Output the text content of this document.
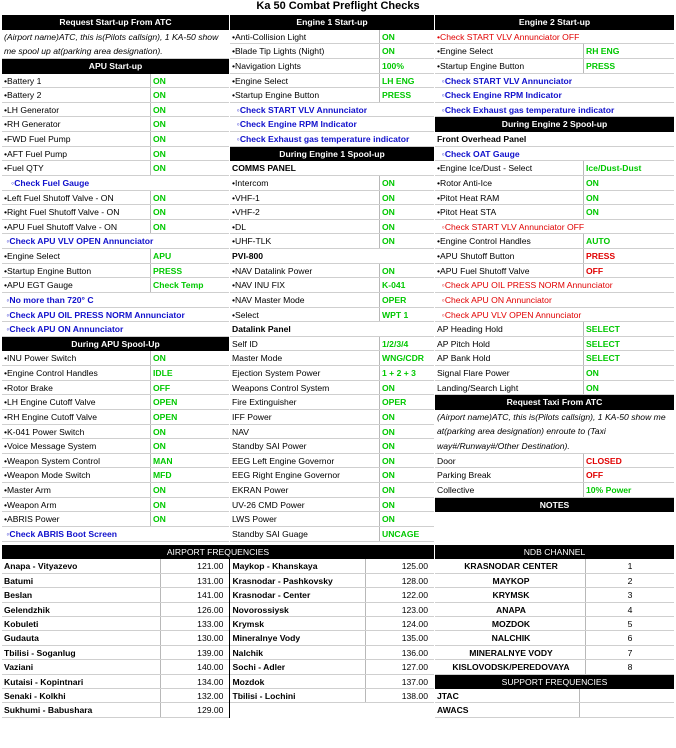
Ka 50 Combat Preflight Checks
Request Start-up From ATC
(Airport name)ATC, this is(Pilots callsign), 1 KA-50 show me spool up at(parking area designation).
APU Start-up
•Battery 1	ON
•Battery 2	ON
•LH Generator	ON
•RH Generator	ON
•FWD Fuel Pump	ON
•AFT Fuel Pump	ON
•Fuel QTY	ON
◦Check Fuel Gauge
•Left Fuel Shutoff Valve - ON	ON
•Right Fuel Shutoff Valve - ON	ON
•APU Fuel Shutoff Valve - ON	ON
◦Check APU VLV OPEN Annunciator
•Engine Select	APU
•Startup Engine Button	PRESS
•APU EGT Gauge	Check Temp
◦No more than 720° C
◦Check APU OIL PRESS NORM Annunciator
◦Check APU ON Annunciator
During APU Spool-Up
•INU Power Switch	ON
•Engine Control Handles	IDLE
•Rotor Brake	OFF
•LH Engine Cutoff Valve	OPEN
•RH Engine Cutoff Valve	OPEN
•K-041 Power Switch	ON
•Voice Message System	ON
•Weapon System Control	MAN
•Weapon Mode Switch	MFD
•Master Arm	ON
•Weapon Arm	ON
•ABRIS Power	ON
◦Check ABRIS Boot Screen
Engine 1 Start-up
•Anti-Collision Light	ON
•Blade Tip Lights (Night)	ON
•Navigation Lights	100%
•Engine Select	LH ENG
•Startup Engine Button	PRESS
◦Check START VLV Annunciator
◦Check Engine RPM Indicator
◦Check Exhaust gas temperature indicator
During Engine 1 Spool-up
COMMS PANEL
•Intercom	ON
•VHF-1	ON
•VHF-2	ON
•DL	ON
•UHF-TLK	ON
PVI-800
•NAV Datalink Power	ON
•NAV INU FIX	K-041
•NAV Master Mode	OPER
•Select	WPT 1
Datalink Panel
Self ID	1/2/3/4
Master Mode	WNG/CDR
Ejection System Power	1 + 2 + 3
Weapons Control System	ON
Fire Extinguisher	OPER
IFF Power	ON
NAV	ON
Standby SAI Power	ON
EEG Left Engine Governor	ON
EEG Right Engine Governor	ON
EKRAN Power	ON
UV-26 CMD Power	ON
LWS Power	ON
Standby SAI Guage	UNCAGE
Engine 2 Start-up
•Check START VLV Annunciator OFF
•Engine Select	RH ENG
•Startup Engine Button	PRESS
◦Check START VLV Annunciator
◦Check Engine RPM Indicator
◦Check Exhaust gas temperature indicator
During Engine 2 Spool-up
Front Overhead Panel
◦Check OAT Gauge
•Engine Ice/Dust - Select	Ice/Dust-Dust
•Rotor Anti-Ice	ON
•Pitot Heat RAM	ON
•Pitot Heat STA	ON
◦Check START VLV Annunciator OFF
•Engine Control Handles	AUTO
•APU Shutoff Button	PRESS
•APU Fuel Shutoff Valve	OFF
◦Check APU OIL PRESS NORM Annunciator
◦Check APU ON Annunciator
◦Check APU VLV OPEN Annunciator
AP Heading Hold	SELECT
AP Pitch Hold	SELECT
AP Bank Hold	SELECT
Signal Flare Power	ON
Landing/Search Light	ON
Request Taxi From ATC
(Airport name)ATC, this is(Pilots callsign), 1 KA-50 show me at(parking area designation) enroute to (Taxi way#/Runway#/Other Destination).
Door	CLOSED
Parking Break	OFF
Collective	10% Power
NOTES
AIRPORT FREQUENCIES
Anapa - Vityazevo	121.00
Batumi	131.00
Beslan	141.00
Gelendzhik	126.00
Kobuleti	133.00
Gudauta	130.00
Tbilisi - Soganlug	139.00
Vaziani	140.00
Kutaisi - Kopintnari	134.00
Senaki - Kolkhi	132.00
Sukhumi - Babushara	129.00
Maykop - Khanskaya	125.00
Krasnodar - Pashkovsky	128.00
Krasnodar - Center	122.00
Novorossiysk	123.00
Krymsk	124.00
Mineralnye Vody	135.00
Nalchik	136.00
Sochi - Adler	127.00
Mozdok	137.00
Tbilisi - Lochini	138.00
NDB CHANNEL
KRASNODAR CENTER	1
MAYKOP	2
KRYMSK	3
ANAPA	4
MOZDOK	5
NALCHIK	6
MINERALNYE VODY	7
KISLOVODSK/PEREDOVAYA	8
SUPPORT FREQUENCIES
JTAC
AWACS
